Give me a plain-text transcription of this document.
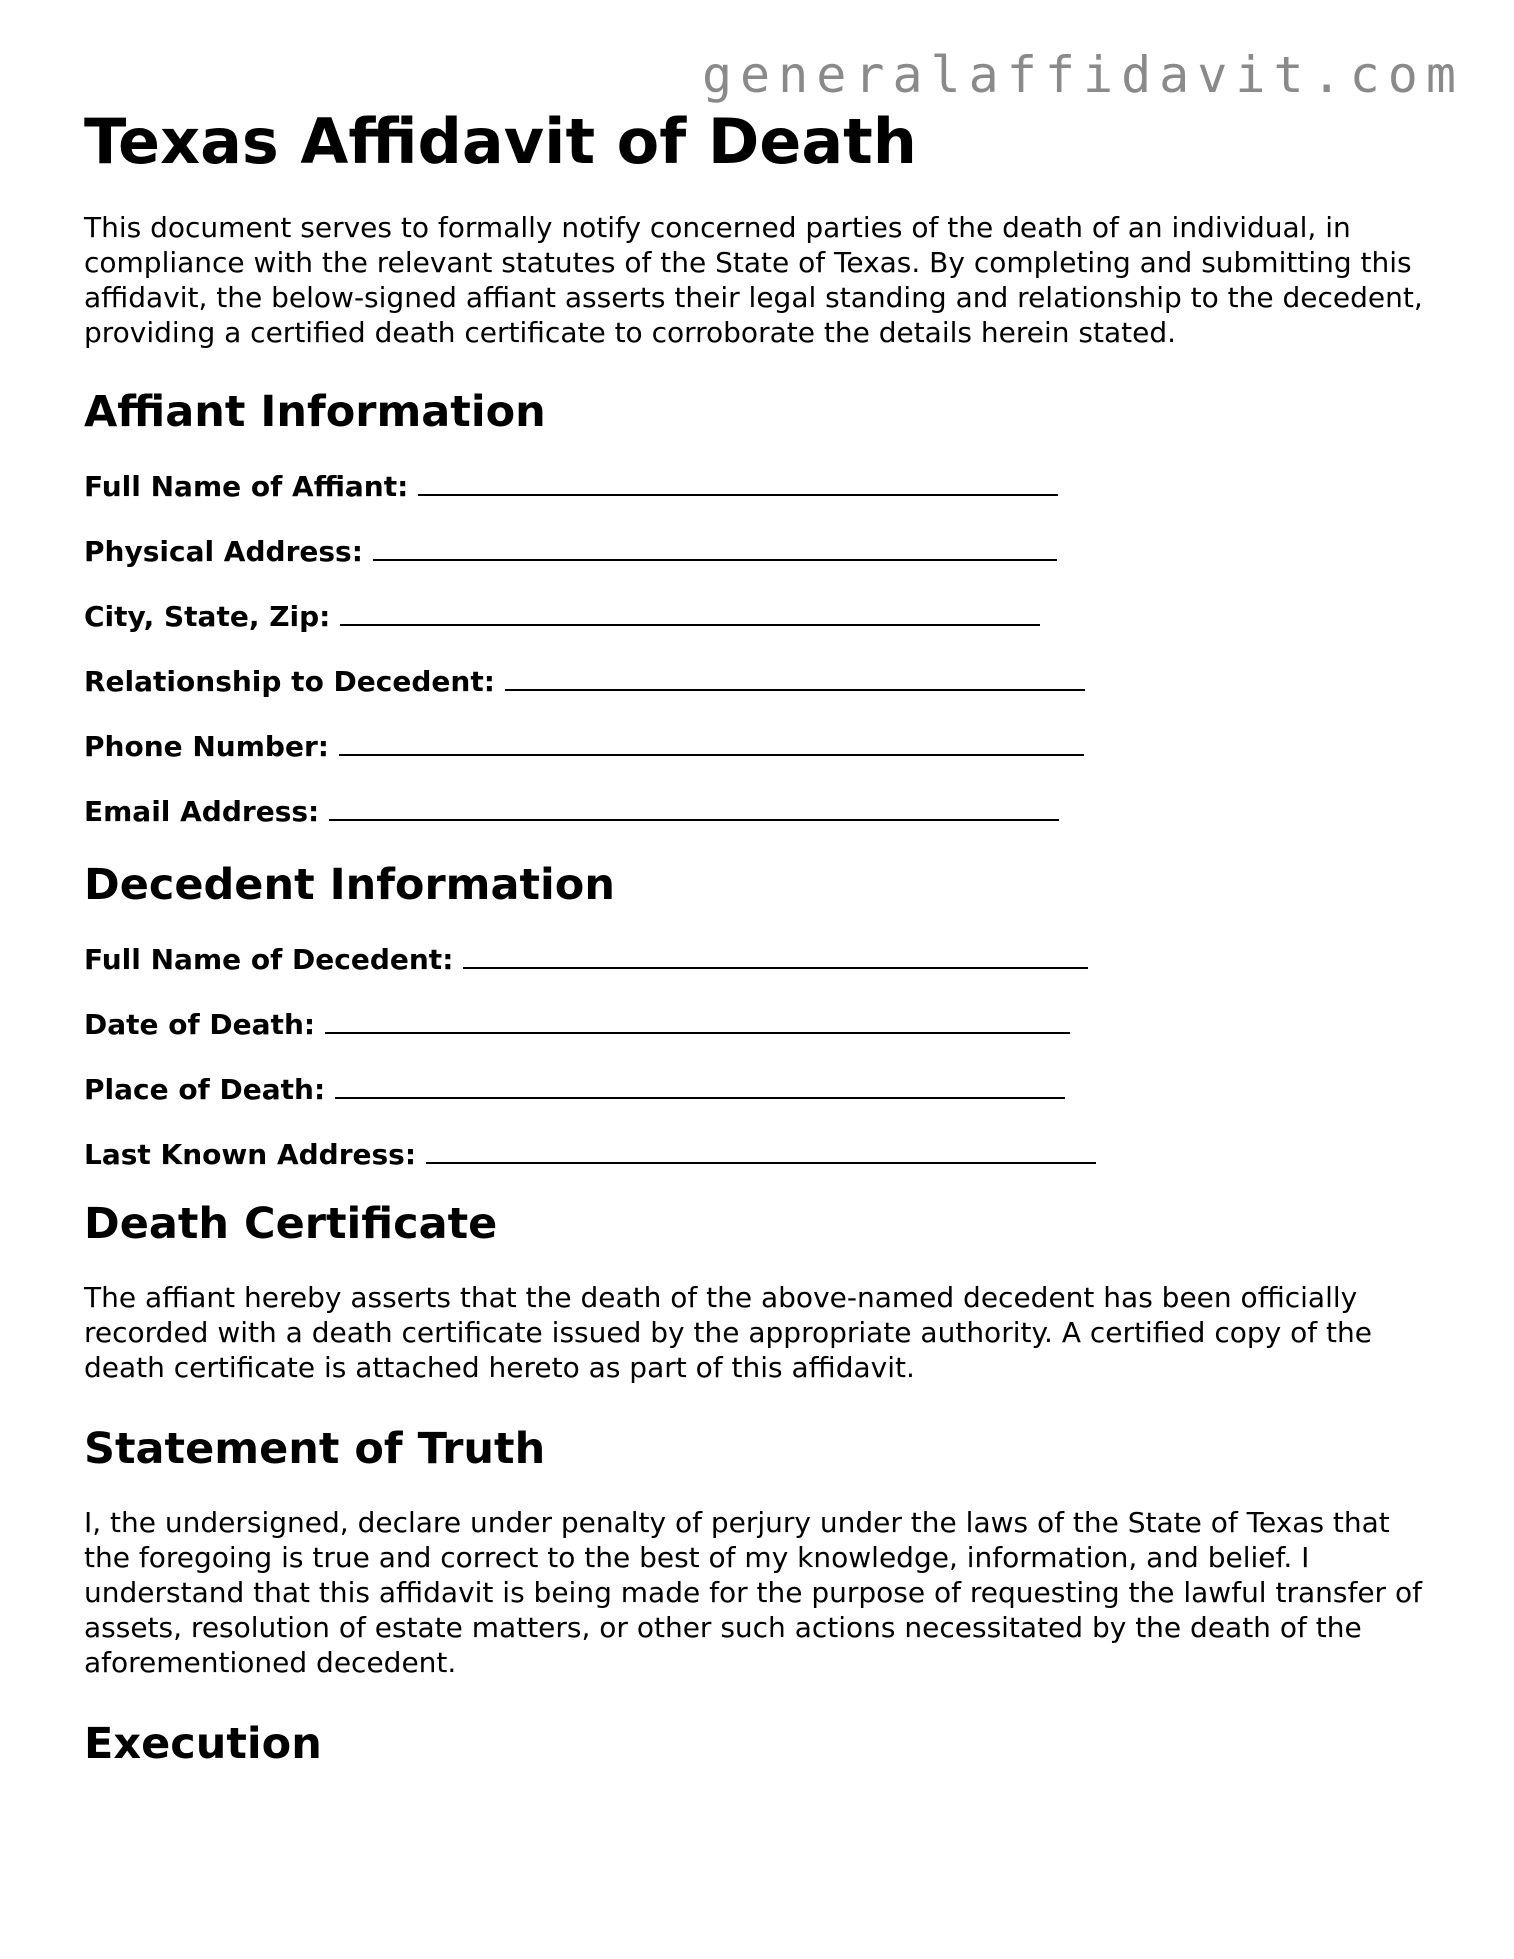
generalaffidavit.com
Texas Affidavit of Death

This document serves to formally notify concerned parties of the death of an individual, in compliance with the relevant statutes of the State of Texas. By completing and submitting this affidavit, the below-signed affiant asserts their legal standing and relationship to the decedent, providing a certified death certificate to corroborate the details herein stated.

Affiant Information
Full Name of Affiant:
Physical Address:
City, State, Zip:
Relationship to Decedent:
Phone Number:
Email Address:
Decedent Information
Full Name of Decedent:
Date of Death:
Place of Death:
Last Known Address:
Death Certificate

The affiant hereby asserts that the death of the above-named decedent has been officially recorded with a death certificate issued by the appropriate authority. A certified copy of the death certificate is attached hereto as part of this affidavit.

Statement of Truth

I, the undersigned, declare under penalty of perjury under the laws of the State of Texas that the foregoing is true and correct to the best of my knowledge, information, and belief. I understand that this affidavit is being made for the purpose of requesting the lawful transfer of assets, resolution of estate matters, or other such actions necessitated by the death of the aforementioned decedent.

Execution
